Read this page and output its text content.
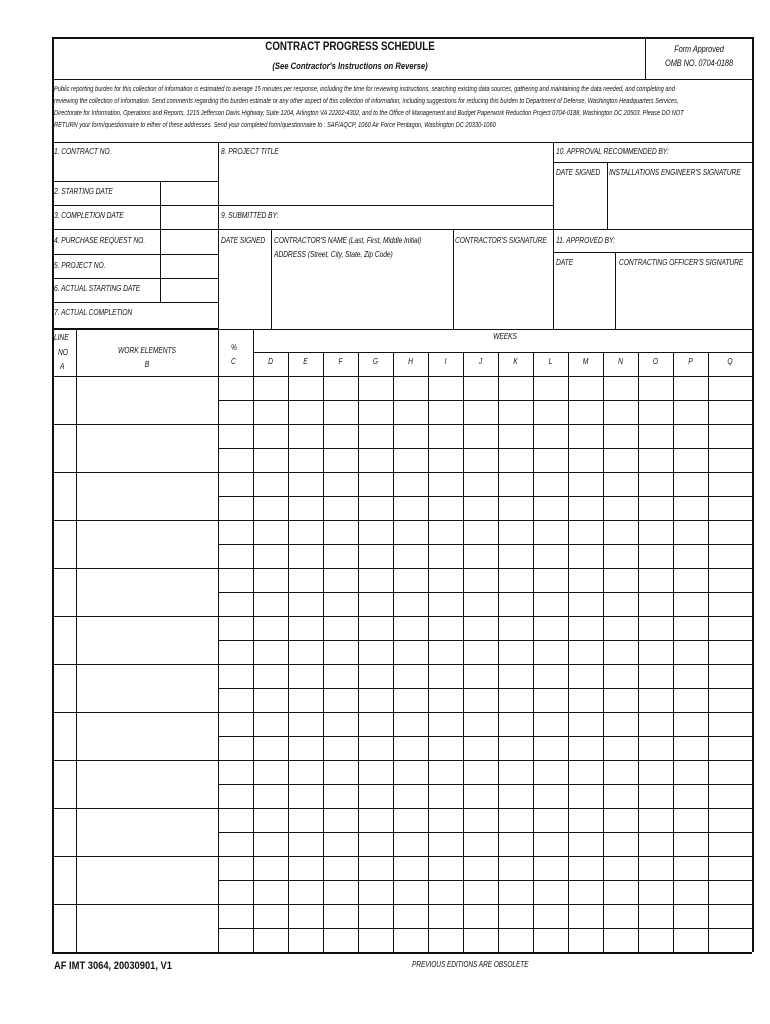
CONTRACT PROGRESS SCHEDULE
(See Contractor's Instructions on Reverse)
Form Approved
OMB NO. 0704-0188
Public reporting burden for this collection of information is estimated to average 15 minutes per response, including the time for reviewing instructions, searching existing data sources, gathering and maintaining the data needed, and completing and
reviewing the collection of information. Send comments regarding this burden estimate or any other aspect of this collection of information, including suggestions for reducing this burden to Department of Defense, Washington Headquarters Services,
Directorate for Information, Operations and Reports, 1215 Jefferson Davis Highway, Suite 1204, Arlington VA 22202-4302, and to the Office of Management and Budget Paperwork Reduction Project 0704-0188, Washington DC 20503. Please DO NOT
RETURN your form/questionnaire to either of these addresses. Send your completed form/questionnaire to : SAF/AQCP, 1060 Air Force Pentagon, Washington DC 20330-1060
1. CONTRACT NO.
2. STARTING DATE
3. COMPLETION DATE
4. PURCHASE REQUEST NO.
5. PROJECT NO.
6. ACTUAL STARTING DATE
7. ACTUAL COMPLETION
8. PROJECT TITLE
9. SUBMITTED BY:
DATE SIGNED CONTRACTOR'S NAME (Last, First, Middle Initial)
ADDRESS (Street, City, State, Zip Code)
CONTRACTOR'S SIGNATURE
10. APPROVAL RECOMMENDED BY:
DATE SIGNED INSTALLATIONS ENGINEER'S SIGNATURE
11. APPROVED BY:
DATE	CONTRACTING OFFICER'S SIGNATURE
LINE
NO
A
WORK ELEMENTS
B
%
C
WEEKS
D	E	F	G	H	I	J	K	L	M	N	O	P	Q
AF IMT 3064, 20030901, V1	PREVIOUS EDITIONS ARE OBSOLETE
